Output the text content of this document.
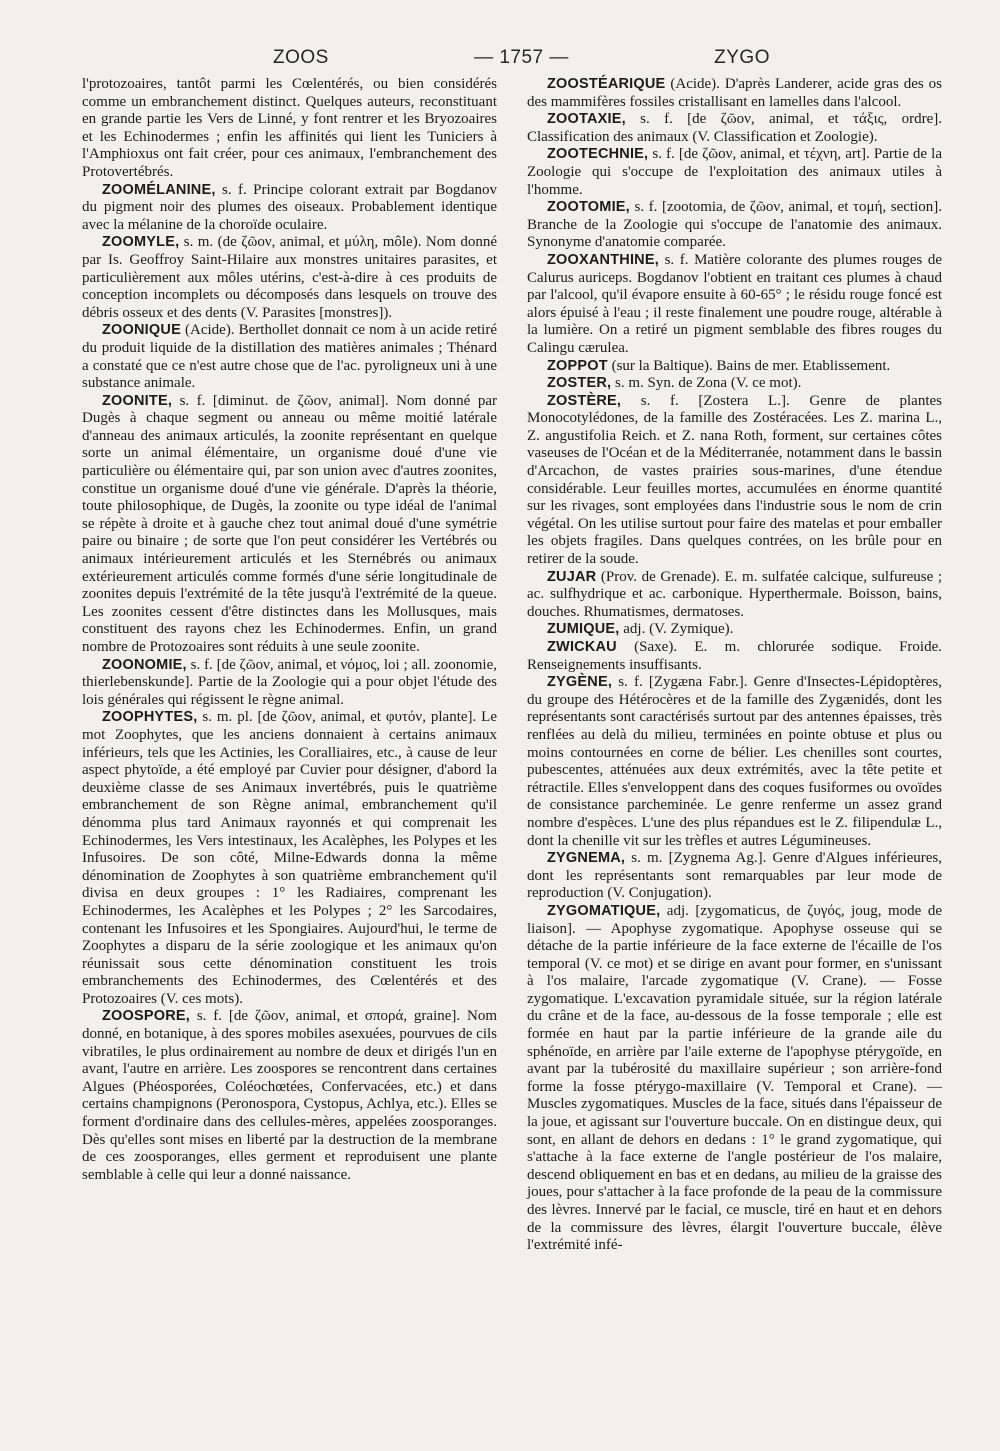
ZOOS	— 1757 —	ZYGO

l'protozoaires, tantôt parmi les Cœlentérés, ou bien considérés comme un embranchement distinct. Quelques auteurs, reconstituant en grande partie les Vers de Linné, y font rentrer et les Bryozoaires et les Echinodermes ; enfin les affinités qui lient les Tuniciers à l'Amphioxus ont fait créer, pour ces animaux, l'embranchement des Protovertébrés.

ZOOMÉLANINE, s. f. Principe colorant extrait par Bogdanov du pigment noir des plumes des oiseaux. Probablement identique avec la mélanine de la choroïde oculaire.

ZOOMYLE, s. m. (de ζῶον, animal, et μύλη, môle). Nom donné par Is. Geoffroy Saint-Hilaire aux monstres unitaires parasites, et particulièrement aux môles utérins, c'est-à-dire à ces produits de conception incomplets ou décomposés dans lesquels on trouve des débris osseux et des dents (V. Parasites [monstres]).

ZOONIQUE (Acide). Berthollet donnait ce nom à un acide retiré du produit liquide de la distillation des matières animales ; Thénard a constaté que ce n'est autre chose que de l'ac. pyroligneux uni à une substance animale.

ZOONITE, s. f. [diminut. de ζῶον, animal]. Nom donné par Dugès à chaque segment ou anneau ou même moitié latérale d'anneau des animaux articulés, la zoonite représentant en quelque sorte un animal élémentaire, un organisme doué d'une vie particulière ou élémentaire qui, par son union avec d'autres zoonites, constitue un organisme doué d'une vie générale. D'après la théorie, toute philosophique, de Dugès, la zoonite ou type idéal de l'animal se répète à droite et à gauche chez tout animal doué d'une symétrie paire ou binaire ; de sorte que l'on peut considérer les Vertébrés ou animaux intérieurement articulés et les Sternébrés ou animaux extérieurement articulés comme formés d'une série longitudinale de zoonites depuis l'extrémité de la tête jusqu'à l'extrémité de la queue. Les zoonites cessent d'être distinctes dans les Mollusques, mais constituent des rayons chez les Echinodermes. Enfin, un grand nombre de Protozoaires sont réduits à une seule zoonite.

ZOONOMIE, s. f. [de ζῶον, animal, et νόμος, loi ; all. zoonomie, thierlebenskunde]. Partie de la Zoologie qui a pour objet l'étude des lois générales qui régissent le règne animal.

ZOOPHYTES, s. m. pl. [de ζῶον, animal, et φυτόν, plante]. Le mot Zoophytes, que les anciens donnaient à certains animaux inférieurs, tels que les Actinies, les Coralliaires, etc., à cause de leur aspect phytoïde, a été employé par Cuvier pour désigner, d'abord la deuxième classe de ses Animaux invertébrés, puis le quatrième embranchement de son Règne animal, embranchement qu'il dénomma plus tard Animaux rayonnés et qui comprenait les Echinodermes, les Vers intestinaux, les Acalèphes, les Polypes et les Infusoires. De son côté, Milne-Edwards donna la même dénomination de Zoophytes à son quatrième embranchement qu'il divisa en deux groupes : 1° les Radiaires, comprenant les Echinodermes, les Acalèphes et les Polypes ; 2° les Sarcodaires, contenant les Infusoires et les Spongiaires. Aujourd'hui, le terme de Zoophytes a disparu de la série zoologique et les animaux qu'on réunissait sous cette dénomination constituent les trois embranchements des Echinodermes, des Cœlentérés et des Protozoaires (V. ces mots).

ZOOSPORE, s. f. [de ζῶον, animal, et σπορά, graine]. Nom donné, en botanique, à des spores mobiles asexuées, pourvues de cils vibratiles, le plus ordinairement au nombre de deux et dirigés l'un en avant, l'autre en arrière. Les zoospores se rencontrent dans certaines Algues (Phéosporées, Coléochœtées, Confervacées, etc.) et dans certains champignons (Peronospora, Cystopus, Achlya, etc.). Elles se forment d'ordinaire dans des cellules-mères, appelées zoosporanges. Dès qu'elles sont mises en liberté par la destruction de la membrane de ces zoosporanges, elles germent et reproduisent une plante semblable à celle qui leur a donné naissance.

ZOOSTÉARIQUE (Acide). D'après Landerer, acide gras des os des mammifères fossiles cristallisant en lamelles dans l'alcool.

ZOOTAXIE, s. f. [de ζῶον, animal, et τάξις, ordre]. Classification des animaux (V. Classification et Zoologie).

ZOOTECHNIE, s. f. [de ζῶον, animal, et τέχνη, art]. Partie de la Zoologie qui s'occupe de l'exploitation des animaux utiles à l'homme.

ZOOTOMIE, s. f. [zootomia, de ζῶον, animal, et τομή, section]. Branche de la Zoologie qui s'occupe de l'anatomie des animaux. Synonyme d'anatomie comparée.

ZOOXANTHINE, s. f. Matière colorante des plumes rouges de Calurus auriceps. Bogdanov l'obtient en traitant ces plumes à chaud par l'alcool, qu'il évapore ensuite à 60-65° ; le résidu rouge foncé est alors épuisé à l'eau ; il reste finalement une poudre rouge, altérable à la lumière. On a retiré un pigment semblable des fibres rouges du Calingu cærulea.

ZOPPOT (sur la Baltique). Bains de mer. Etablissement.

ZOSTER, s. m. Syn. de Zona (V. ce mot).

ZOSTÈRE, s. f. [Zostera L.]. Genre de plantes Monocotylédones, de la famille des Zostéracées. Les Z. marina L., Z. angustifolia Reich. et Z. nana Roth, forment, sur certaines côtes vaseuses de l'Océan et de la Méditerranée, notamment dans le bassin d'Arcachon, de vastes prairies sous-marines, d'une étendue considérable. Leur feuilles mortes, accumulées en énorme quantité sur les rivages, sont employées dans l'industrie sous le nom de crin végétal. On les utilise surtout pour faire des matelas et pour emballer les objets fragiles. Dans quelques contrées, on les brûle pour en retirer de la soude.

ZUJAR (Prov. de Grenade). E. m. sulfatée calcique, sulfureuse ; ac. sulfhydrique et ac. carbonique. Hyperthermale. Boisson, bains, douches. Rhumatismes, dermatoses.

ZUMIQUE, adj. (V. Zymique).

ZWICKAU (Saxe). E. m. chlorurée sodique. Froide. Renseignements insuffisants.

ZYGÈNE, s. f. [Zygæna Fabr.]. Genre d'Insectes-Lépidoptères, du groupe des Hétérocères et de la famille des Zygænidés, dont les représentants sont caractérisés surtout par des antennes épaisses, très renflées au delà du milieu, terminées en pointe obtuse et plus ou moins contournées en corne de bélier. Les chenilles sont courtes, pubescentes, atténuées aux deux extrémités, avec la tête petite et rétractile. Elles s'enveloppent dans des coques fusiformes ou ovoïdes de consistance parcheminée. Le genre renferme un assez grand nombre d'espèces. L'une des plus répandues est le Z. filipendulæ L., dont la chenille vit sur les trèfles et autres Légumineuses.

ZYGNEMA, s. m. [Zygnema Ag.]. Genre d'Algues inférieures, dont les représentants sont remarquables par leur mode de reproduction (V. Conjugation).

ZYGOMATIQUE, adj. [zygomaticus, de ζυγός, joug, mode de liaison]. — Apophyse zygomatique. Apophyse osseuse qui se détache de la partie inférieure de la face externe de l'écaille de l'os temporal (V. ce mot) et se dirige en avant pour former, en s'unissant à l'os malaire, l'arcade zygomatique (V. Crane). — Fosse zygomatique. L'excavation pyramidale située, sur la région latérale du crâne et de la face, au-dessous de la fosse temporale ; elle est formée en haut par la partie inférieure de la grande aile du sphénoïde, en arrière par l'aile externe de l'apophyse ptérygoïde, en avant par la tubérosité du maxillaire supérieur ; son arrière-fond forme la fosse ptérygo-maxillaire (V. Temporal et Crane). — Muscles zygomatiques. Muscles de la face, situés dans l'épaisseur de la joue, et agissant sur l'ouverture buccale. On en distingue deux, qui sont, en allant de dehors en dedans : 1° le grand zygomatique, qui s'attache à la face externe de l'angle postérieur de l'os malaire, descend obliquement en bas et en dedans, au milieu de la graisse des joues, pour s'attacher à la face profonde de la peau de la commissure des lèvres. Innervé par le facial, ce muscle, tiré en haut et en dehors de la commissure des lèvres, élargit l'ouverture buccale, élève l'extrémité infé-
